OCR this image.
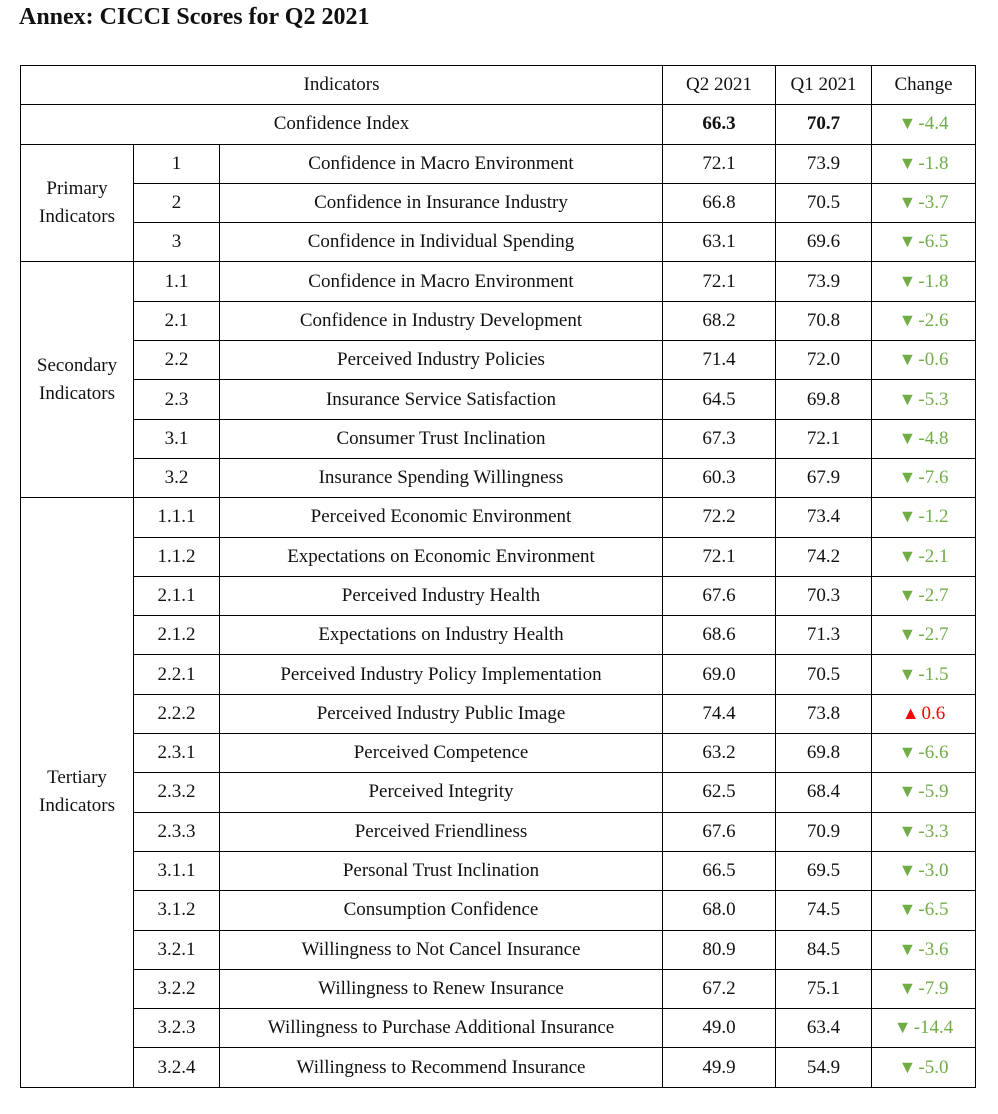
Annex: CICCI Scores for Q2 2021
Indicators			Q2 2021	Q1 2021	Change
Confidence Index			66.3	70.7	▼ -4.4
Primary Indicators	1	Confidence in Macro Environment	72.1	73.9	▼ -1.8
	2	Confidence in Insurance Industry	66.8	70.5	▼ -3.7
	3	Confidence in Individual Spending	63.1	69.6	▼ -6.5
Secondary Indicators	1.1	Confidence in Macro Environment	72.1	73.9	▼ -1.8
	2.1	Confidence in Industry Development	68.2	70.8	▼ -2.6
	2.2	Perceived Industry Policies	71.4	72.0	▼ -0.6
	2.3	Insurance Service Satisfaction	64.5	69.8	▼ -5.3
	3.1	Consumer Trust Inclination	67.3	72.1	▼ -4.8
	3.2	Insurance Spending Willingness	60.3	67.9	▼ -7.6
Tertiary Indicators	1.1.1	Perceived Economic Environment	72.2	73.4	▼ -1.2
	1.1.2	Expectations on Economic Environment	72.1	74.2	▼ -2.1
	2.1.1	Perceived Industry Health	67.6	70.3	▼ -2.7
	2.1.2	Expectations on Industry Health	68.6	71.3	▼ -2.7
	2.2.1	Perceived Industry Policy Implementation	69.0	70.5	▼ -1.5
	2.2.2	Perceived Industry Public Image	74.4	73.8	▲0.6
	2.3.1	Perceived Competence	63.2	69.8	▼ -6.6
	2.3.2	Perceived Integrity	62.5	68.4	▼ -5.9
	2.3.3	Perceived Friendliness	67.6	70.9	▼ -3.3
	3.1.1	Personal Trust Inclination	66.5	69.5	▼ -3.0
	3.1.2	Consumption Confidence	68.0	74.5	▼ -6.5
	3.2.1	Willingness to Not Cancel Insurance	80.9	84.5	▼ -3.6
	3.2.2	Willingness to Renew Insurance	67.2	75.1	▼ -7.9
	3.2.3	Willingness to Purchase Additional Insurance	49.0	63.4	▼ -14.4
	3.2.4	Willingness to Recommend Insurance	49.9	54.9	▼ -5.0
